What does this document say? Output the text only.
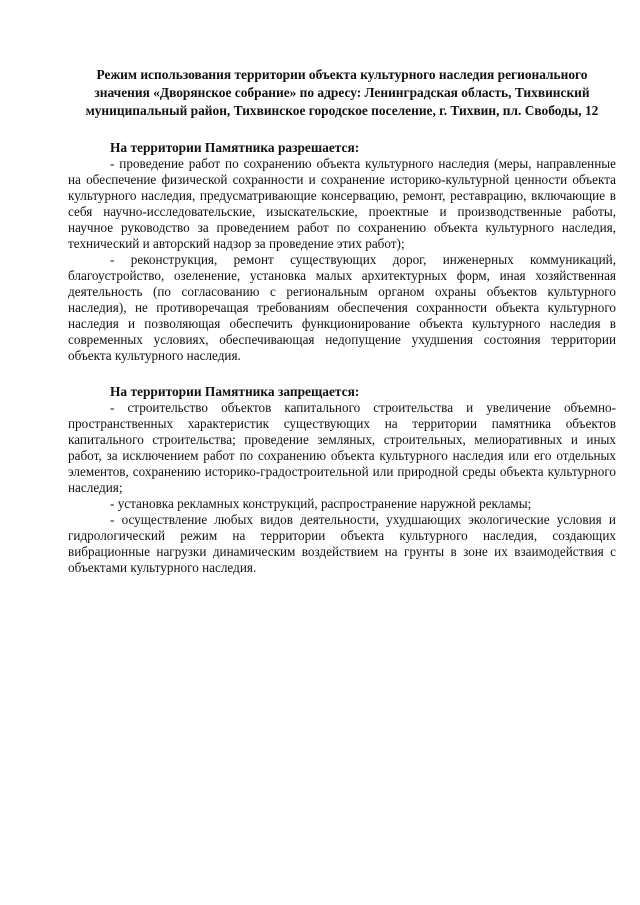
Режим использования территории объекта культурного наследия регионального значения «Дворянское собрание» по адресу: Ленинградская область, Тихвинский муниципальный район, Тихвинское городское поселение, г. Тихвин, пл. Свободы, 12

На территории Памятника разрешается:

- проведение работ по сохранению объекта культурного наследия (меры, направленные на обеспечение физической сохранности и сохранение историко-культурной ценности объекта культурного наследия, предусматривающие консервацию, ремонт, реставрацию, включающие в себя научно-исследовательские, изыскательские, проектные и производственные работы, научное руководство за проведением работ по сохранению объекта культурного наследия, технический и авторский надзор за проведение этих работ);

- реконструкция, ремонт существующих дорог, инженерных коммуникаций, благоустройство, озеленение, установка малых архитектурных форм, иная хозяйственная деятельность (по согласованию с региональным органом охраны объектов культурного наследия), не противоречащая требованиям обеспечения сохранности объекта культурного наследия и позволяющая обеспечить функционирование объекта культурного наследия в современных условиях, обеспечивающая недопущение ухудшения состояния территории объекта культурного наследия.

На территории Памятника запрещается:

- строительство объектов капитального строительства и увеличение объемно-пространственных характеристик существующих на территории памятника объектов капитального строительства; проведение земляных, строительных, мелиоративных и иных работ, за исключением работ по сохранению объекта культурного наследия или его отдельных элементов, сохранению историко-градостроительной или природной среды объекта культурного наследия;

- установка рекламных конструкций, распространение наружной рекламы;

- осуществление любых видов деятельности, ухудшающих экологические условия и гидрологический режим на территории объекта культурного наследия, создающих вибрационные нагрузки динамическим воздействием на грунты в зоне их взаимодействия с объектами культурного наследия.
